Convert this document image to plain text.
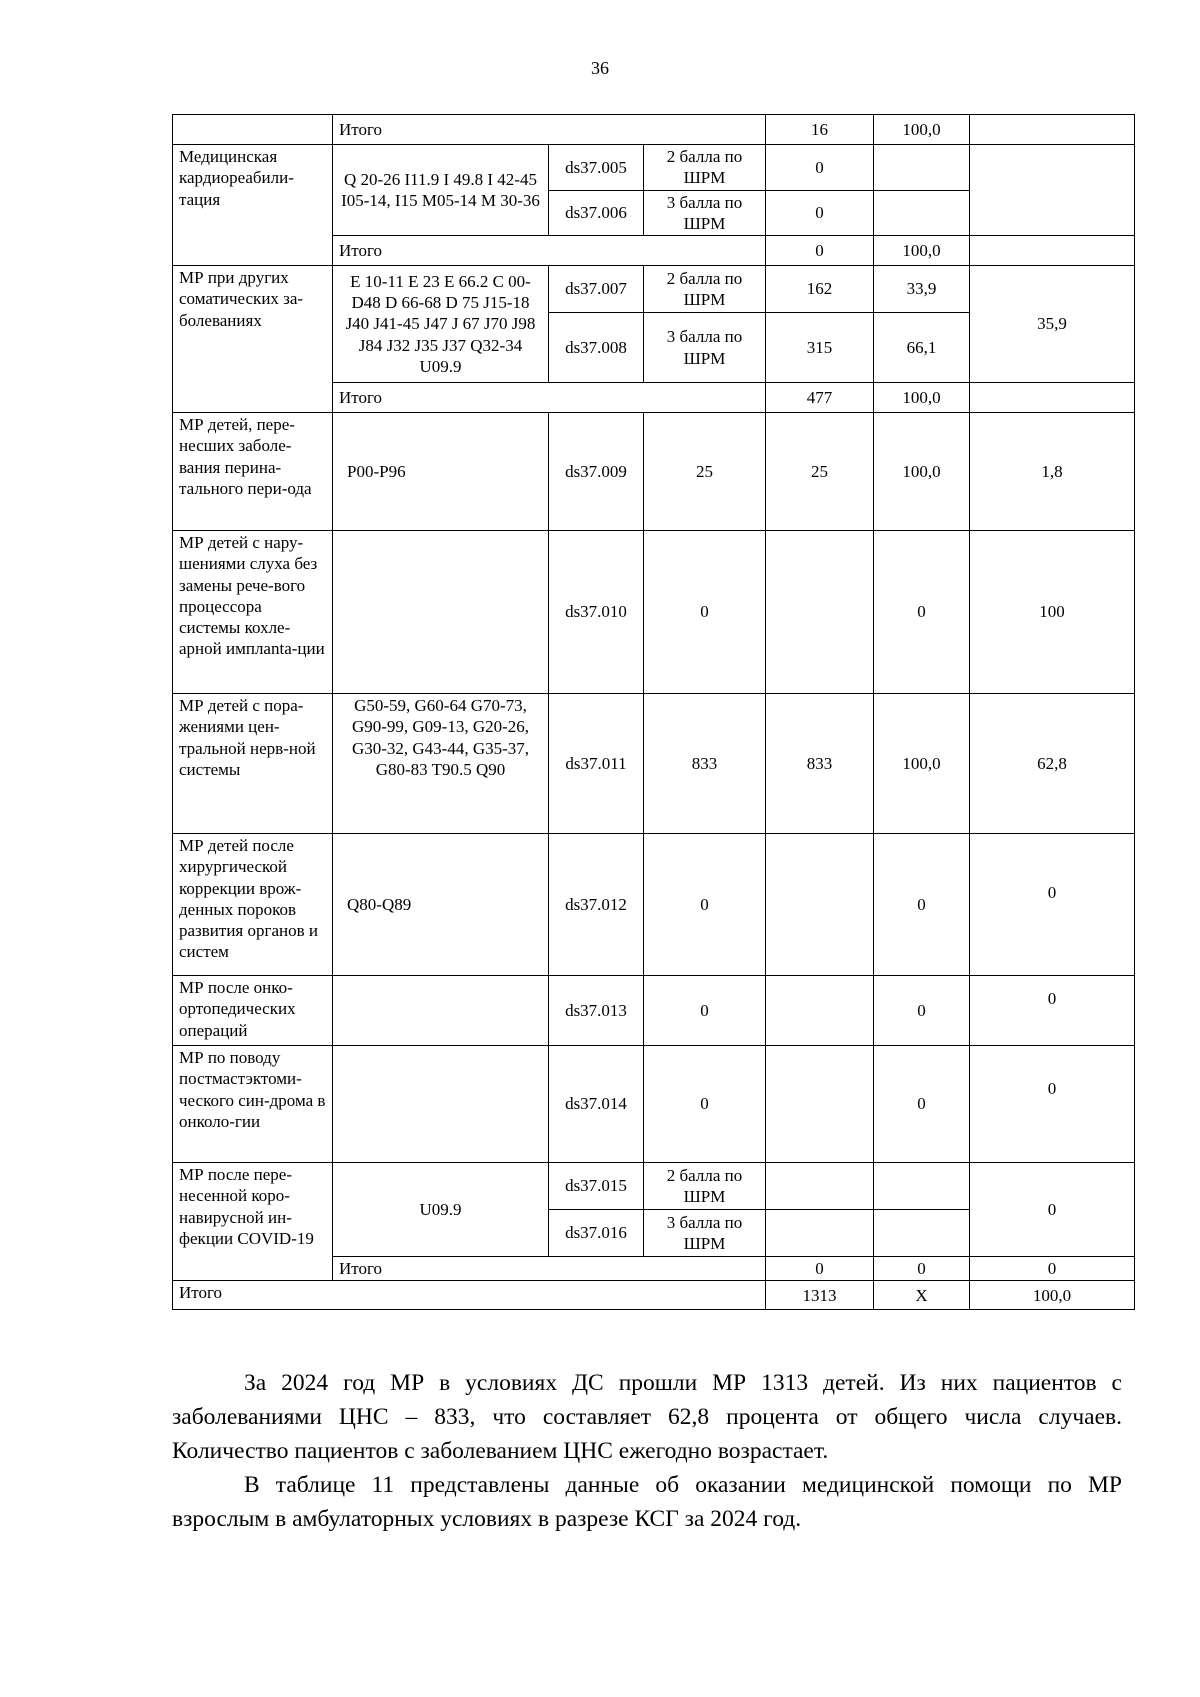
36
	Итого			16	100,0	
Медицинская кардиореабили-тация	Q 20-26 I11.9 I 49.8 I 42-45 I05-14, I15 M05-14 M 30-36	ds37.005	2 балла по ШРМ	0		
		ds37.006	3 балла по ШРМ	0		
	Итого			0	100,0	
МР при других соматических за-болеваниях	E 10-11 E 23 E 66.2 C 00-D48 D 66-68 D 75 J15-18 J40 J41-45 J47 J 67 J70 J98 J84 J32 J35 J37 Q32-34 U09.9	ds37.007	2 балла по ШРМ	162	33,9	35,9
		ds37.008	3 балла по ШРМ	315	66,1	
	Итого			477	100,0	
МР детей, пере-несших заболе-вания перина-тального пери-ода	P00-P96	ds37.009	25	25	100,0	1,8
МР детей с нару-шениями слуха без замены рече-вого процессора системы кохле-арной имплanta-ции		ds37.010	0		0	100
МР детей с пора-жениями цен-тральной нерв-ной системы	G50-59, G60-64 G70-73, G90-99, G09-13, G20-26, G30-32, G43-44, G35-37, G80-83 T90.5 Q90	ds37.011	833	833	100,0	62,8
МР детей после хирургической коррекции врож-денных пороков развития органов и систем	Q80-Q89	ds37.012	0		0	0
МР после онко-ортопедических операций		ds37.013	0		0	0
МР по поводу постмастэктоми-ческого син-дрома в онколо-гии		ds37.014	0		0	0
МР после пере-несенной коро-навирусной ин-фекции COVID-19	U09.9	ds37.015	2 балла по ШРМ			0
		ds37.016	3 балла по ШРМ			
	Итого			0	0	0
Итого				1313	X	100,0

За 2024 год МР в условиях ДС прошли МР 1313 детей. Из них пациентов с заболеваниями ЦНС – 833, что составляет 62,8 процента от общего числа случаев. Количество пациентов с заболеванием ЦНС ежегодно возрастает.

В таблице 11 представлены данные об оказании медицинской помощи по МР взрослым в амбулаторных условиях в разрезе КСГ за 2024 год.
